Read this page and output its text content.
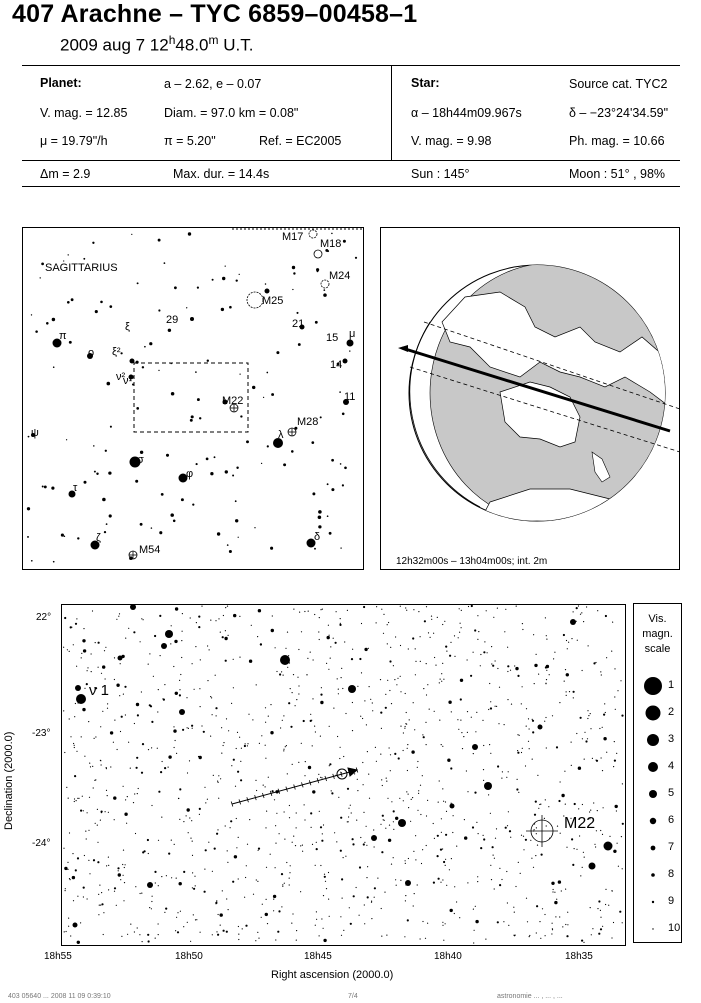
407 Arachne – TYC 6859–00458–1
2009 aug 7 12$^h$48.0$^m$ U.T.
Planet:	a – 2.62, e – 0.07
V. mag. = 12.85	Diam. = 97.0 km = 0.08"
μ = 19.79"/h	π = 5.20"	Ref. = EC2005
Star:	Source cat. TYC2
α – 18h44m09.967s	δ – −23°24'34.59"
V. mag. = 9.98	Ph. mag. = 10.66
Δm = 2.9	Max. dur. = 14.4s	Sun : 145°	Moon : 51° , 98%
M17
M18
M24
M25
29	21
15 μ
14
11
π
ο
ξ
ξ²
ν²
ν¹
M22
M28
λ
ψ
σ
φ
τ
ζ
M54
δ
SAGITTARIUS
12h32m00s – 13h04m00s; int. 2m
M22
ν 1
22°
-23°
-24°
18h55	18h50	18h45	18h40	18h35
Right ascension (2000.0)
Declination (2000.0)
Vis.
magn.
scale
1
2
3
4
5
6
7
8
9
10
403 05640 ... 2008 11 09 0:39:10	7/4	astronomie ... , ... , ...
